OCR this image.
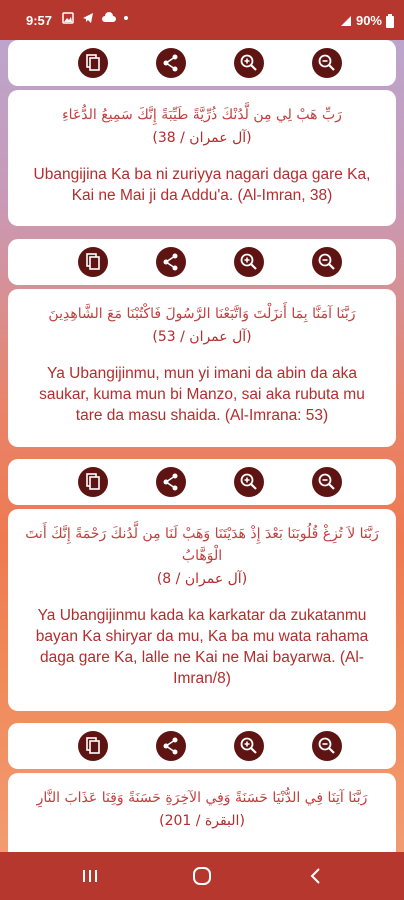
9:57	90%
رَبِّ هَبْ لِي مِن لَّدُنْكَ ذُرِّيَّةً طَيِّبَةً إِنَّكَ سَمِيعُ الدُّعَاءِ
(آل عمران / 38)
Ubangijina Ka ba ni zuriyya nagari daga gare Ka, Kai ne Mai ji da Addu'a. (Al-Imran, 38)
رَبَّنَا آمَنَّا بِمَا أَنزَلْتَ وَاتَّبَعْنَا الرَّسُولَ فَاكْتُبْنَا مَعَ الشَّاهِدِينَ
(آل عمران / 53)
Ya Ubangijinmu, mun yi imani da abin da aka saukar, kuma mun bi Manzo, sai aka rubuta mu tare da masu shaida. (Al-Imrana: 53)
رَبَّنَا لاَ تُزِغْ قُلُوبَنَا بَعْدَ إِذْ هَدَيْتَنَا وَهَبْ لَنَا مِن لَّدُنكَ رَحْمَةً إِنَّكَ أَنتَ الْوَهَّابُ
(آل عمران / 8)
Ya Ubangijinmu kada ka karkatar da zukatanmu bayan Ka shiryar da mu, Ka ba mu wata rahama daga gare Ka, lalle ne Kai ne Mai bayarwa. (Al-Imran/8)
رَبَّنَا آتِنَا فِي الدُّنْيَا حَسَنَةً وَفِي الآخِرَةِ حَسَنَةً وَقِنَا عَذَابَ النَّارِ
(البقرة / 201)
